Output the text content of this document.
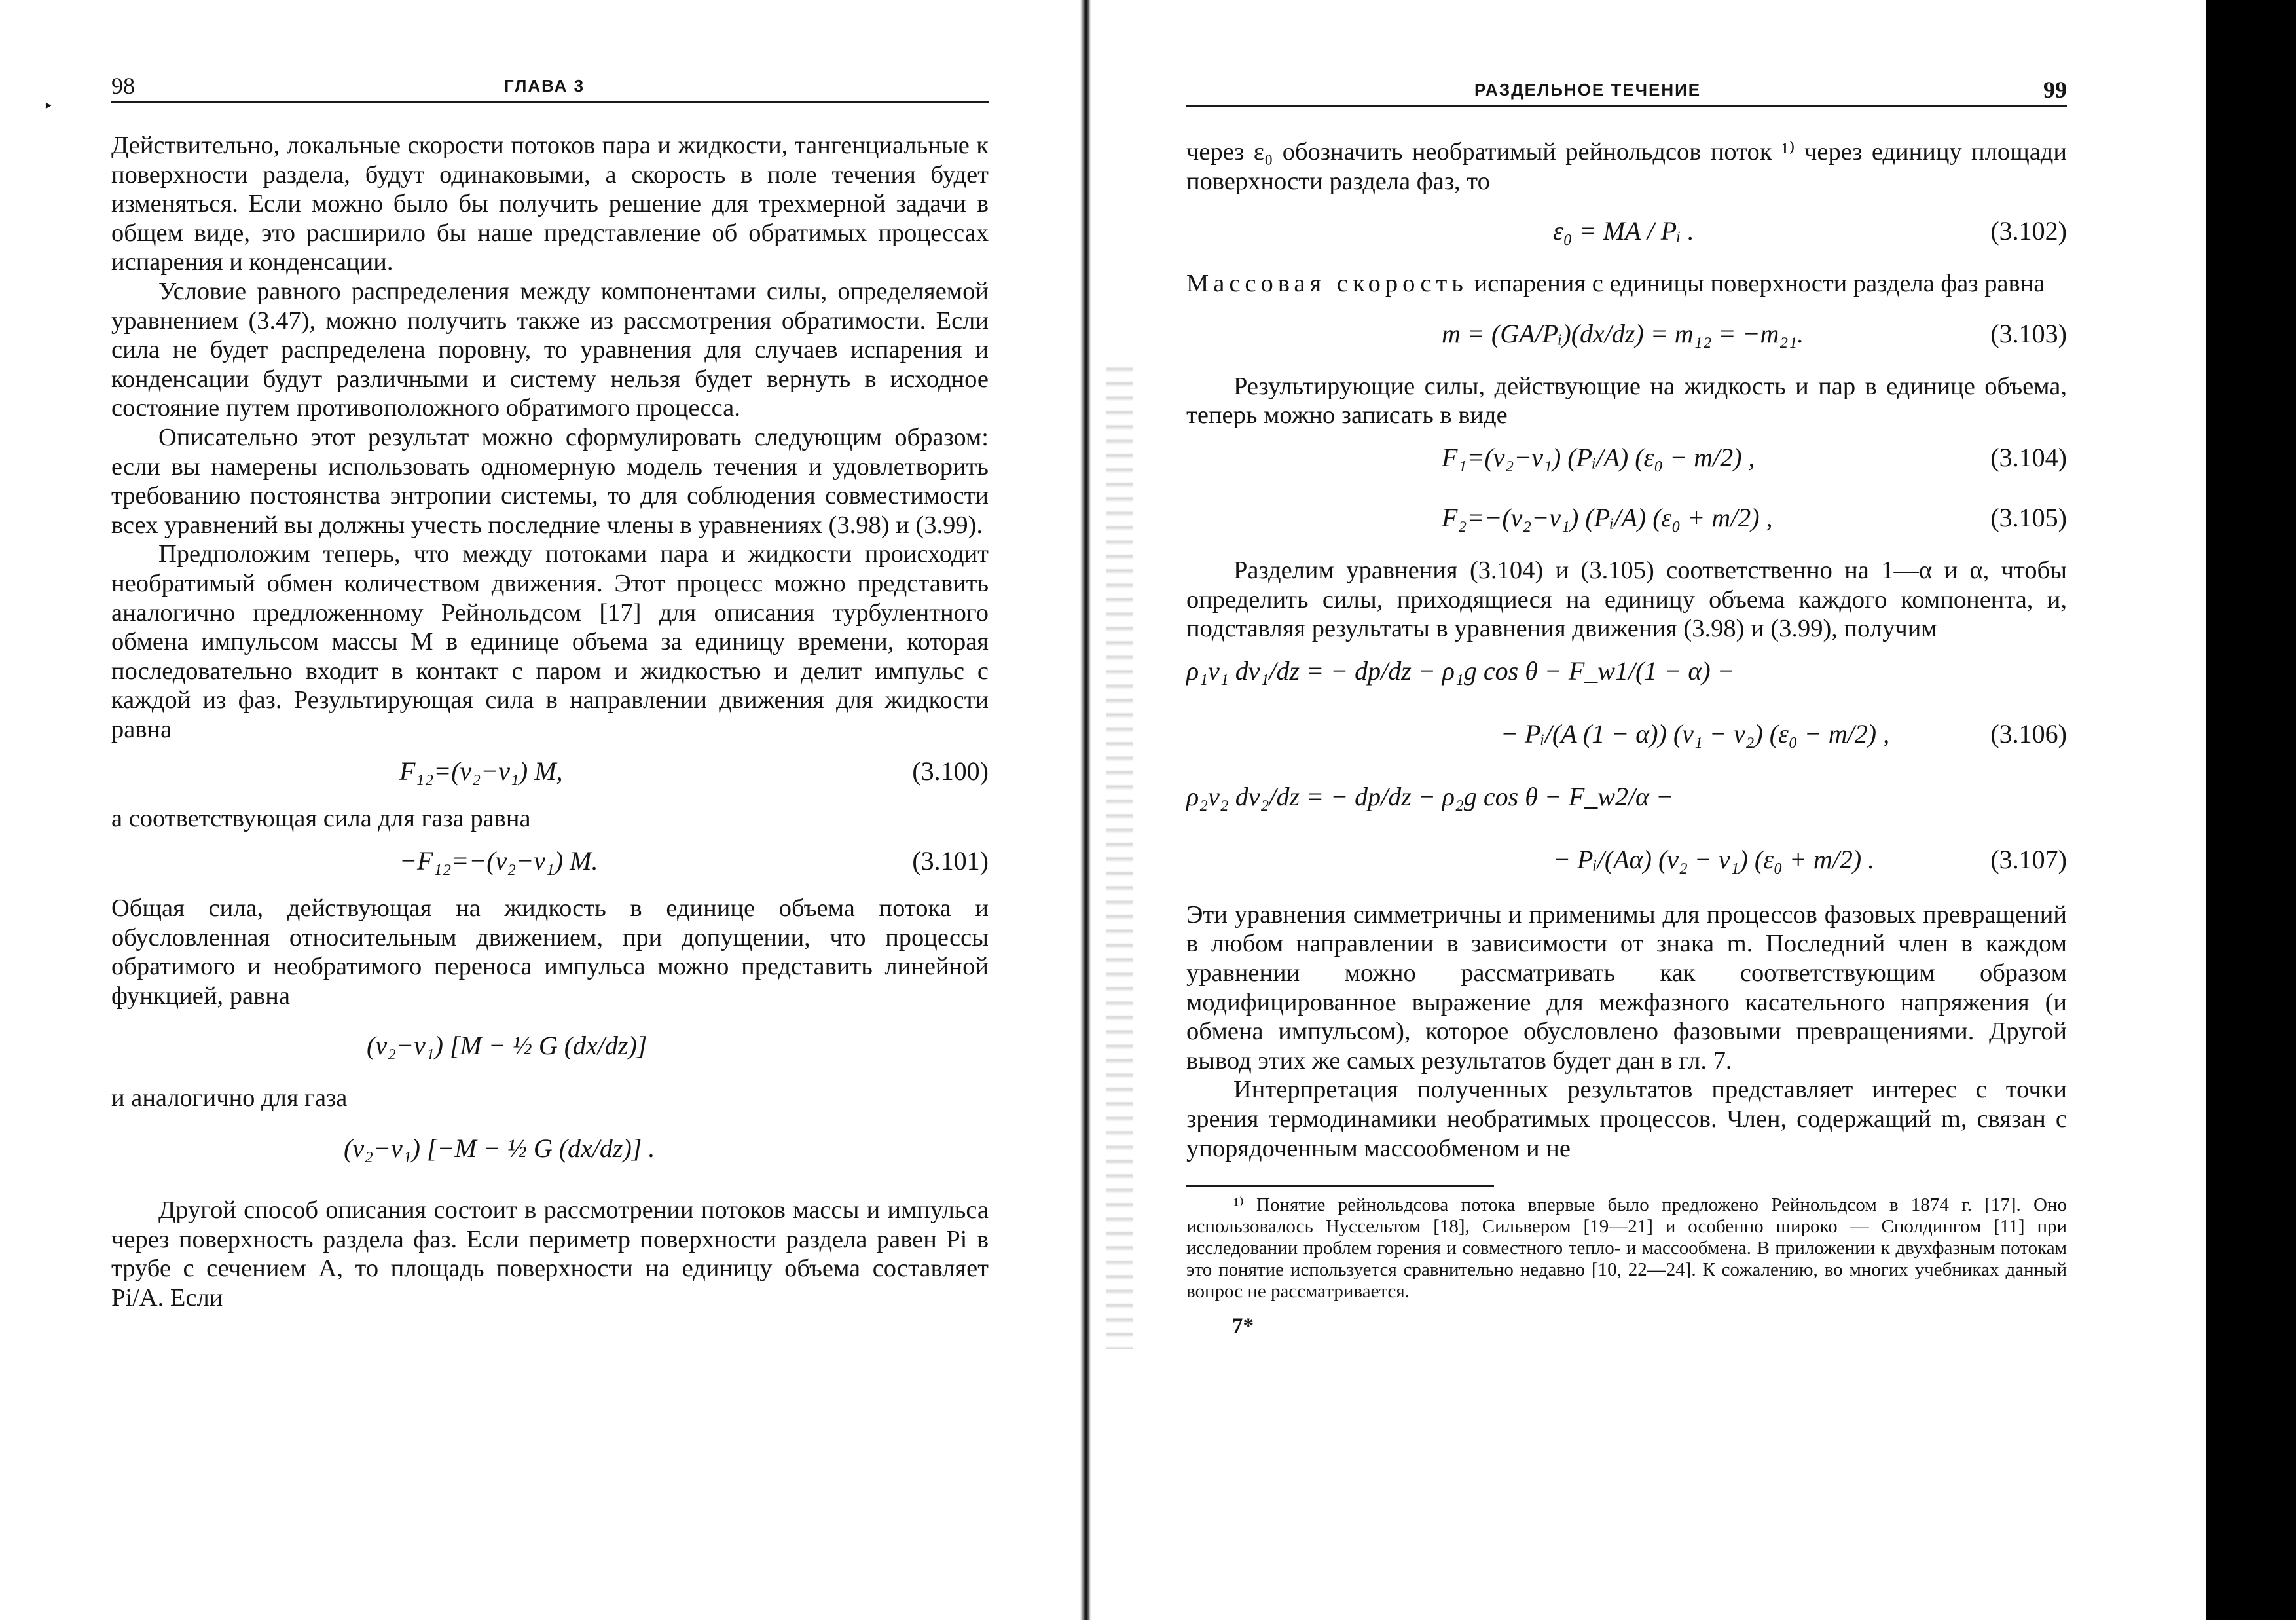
‣
98	ГЛАВА 3

Действительно, локальные скорости потоков пара и жидкости, тангенциальные к поверхности раздела, будут одинаковыми, а скорость в поле течения будет изменяться. Если можно было бы получить решение для трехмерной задачи в общем виде, это расширило бы наше представление об обратимых процессах испарения и конденсации.

Условие равного распределения между компонентами силы, определяемой уравнением (3.47), можно получить также из рассмотрения обратимости. Если сила не будет распределена поровну, то уравнения для случаев испарения и конденсации будут различными и систему нельзя будет вернуть в исходное состояние путем противоположного обратимого процесса.

Описательно этот результат можно сформулировать следующим образом: если вы намерены использовать одномерную модель течения и удовлетворить требованию постоянства энтропии системы, то для соблюдения совместимости всех уравнений вы должны учесть последние члены в уравнениях (3.98) и (3.99).

Предположим теперь, что между потоками пара и жидкости происходит необратимый обмен количеством движения. Этот процесс можно представить аналогично предложенному Рейнольдсом [17] для описания турбулентного обмена импульсом массы M в единице объема за единицу времени, которая последовательно входит в контакт с паром и жидкостью и делит импульс с каждой из фаз. Результирующая сила в направлении движения для жидкости равна

F₁₂=(v₂−v₁) M,	(3.100)

а соответствующая сила для газа равна

−F₁₂=−(v₂−v₁) M.	(3.101)

Общая сила, действующая на жидкость в единице объема потока и обусловленная относительным движением, при допущении, что процессы обратимого и необратимого переноса импульса можно представить линейной функцией, равна

(v₂−v₁) [M − ½ G (dx/dz)]

и аналогично для газа

(v₂−v₁) [−M − ½ G (dx/dz)] .

Другой способ описания состоит в рассмотрении потоков массы и импульса через поверхность раздела фаз. Если периметр поверхности раздела равен Pi в трубе с сечением A, то площадь поверхности на единицу объема составляет Pi/A. Если

РАЗДЕЛЬНОЕ ТЕЧЕНИЕ	99

через ε₀ обозначить необратимый рейнольдсов поток ¹⁾ через единицу площади поверхности раздела фаз, то

ε₀ = MA / Pᵢ .	(3.102)

Массовая скорость испарения с единицы поверхности раздела фаз равна

m = (GA/Pᵢ)(dx/dz) = m₁₂ = −m₂₁.	(3.103)

Результирующие силы, действующие на жидкость и пар в единице объема, теперь можно записать в виде

F₁=(v₂−v₁) (Pᵢ/A) (ε₀ − m/2) ,	(3.104)
F₂=−(v₂−v₁) (Pᵢ/A) (ε₀ + m/2) ,	(3.105)

Разделим уравнения (3.104) и (3.105) соответственно на 1—α и α, чтобы определить силы, приходящиеся на единицу объема каждого компонента, и, подставляя результаты в уравнения движения (3.98) и (3.99), получим

ρ₁v₁ dv₁/dz = − dp/dz − ρ₁g cos θ − F_w1/(1 − α) −
− Pᵢ/(A (1 − α)) (v₁ − v₂) (ε₀ − m/2) ,	(3.106)
ρ₂v₂ dv₂/dz = − dp/dz − ρ₂g cos θ − F_w2/α −
− Pᵢ/(Aα) (v₂ − v₁) (ε₀ + m/2) .	(3.107)

Эти уравнения симметричны и применимы для процессов фазовых превращений в любом направлении в зависимости от знака m. Последний член в каждом уравнении можно рассматривать как соответствующим образом модифицированное выражение для межфазного касательного напряжения (и обмена импульсом), которое обусловлено фазовыми превращениями. Другой вывод этих же самых результатов будет дан в гл. 7.

Интерпретация полученных результатов представляет интерес с точки зрения термодинамики необратимых процессов. Член, содержащий m, связан с упорядоченным массообменом и не

¹⁾ Понятие рейнольдсова потока впервые было предложено Рейнольдсом в 1874 г. [17]. Оно использовалось Нуссельтом [18], Сильвером [19—21] и особенно широко — Сполдингом [11] при исследовании проблем горения и совместного тепло- и массообмена. В приложении к двухфазным потокам это понятие используется сравнительно недавно [10, 22—24]. К сожалению, во многих учебниках данный вопрос не рассматривается.

7*
